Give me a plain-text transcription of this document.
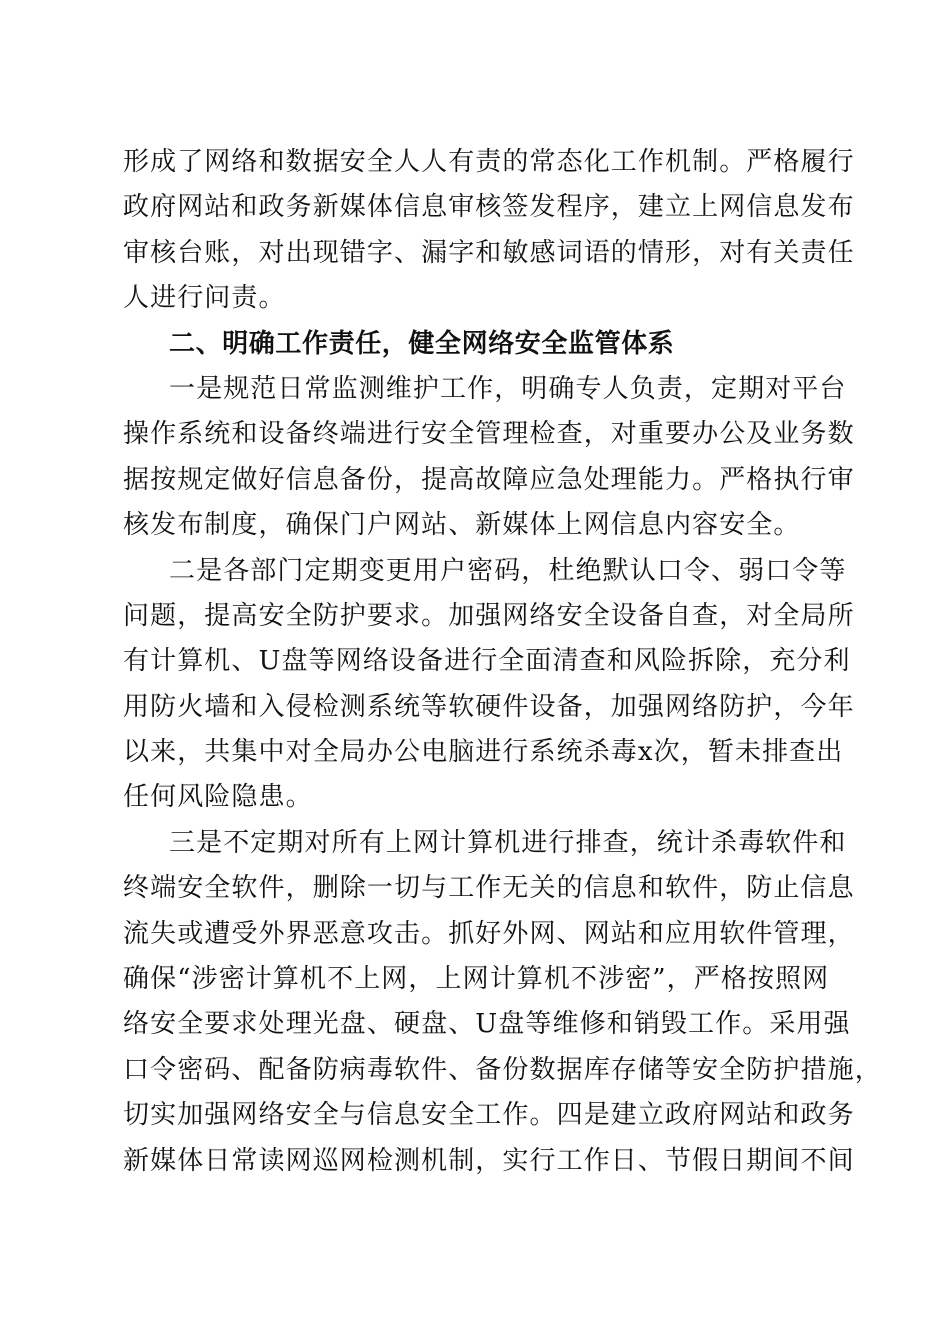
形成了网络和数据安全人人有责的常态化工作机制。严格履行
政府网站和政务新媒体信息审核签发程序，建立上网信息发布
审核台账，对出现错字、漏字和敏感词语的情形，对有关责任
人进行问责。
二、明确工作责任，健全网络安全监管体系
一是规范日常监测维护工作，明确专人负责，定期对平台
操作系统和设备终端进行安全管理检查，对重要办公及业务数
据按规定做好信息备份，提高故障应急处理能力。严格执行审
核发布制度，确保门户网站、新媒体上网信息内容安全。
二是各部门定期变更用户密码，杜绝默认口令、弱口令等
问题，提高安全防护要求。加强网络安全设备自查，对全局所
有计算机、U盘等网络设备进行全面清查和风险拆除，充分利
用防火墙和入侵检测系统等软硬件设备，加强网络防护，今年
以来，共集中对全局办公电脑进行系统杀毒x次，暂未排查出
任何风险隐患。
三是不定期对所有上网计算机进行排查，统计杀毒软件和
终端安全软件，删除一切与工作无关的信息和软件，防止信息
流失或遭受外界恶意攻击。抓好外网、网站和应用软件管理，
确保“涉密计算机不上网，上网计算机不涉密”，严格按照网
络安全要求处理光盘、硬盘、U盘等维修和销毁工作。采用强
口令密码、配备防病毒软件、备份数据库存储等安全防护措施，
切实加强网络安全与信息安全工作。四是建立政府网站和政务
新媒体日常读网巡网检测机制，实行工作日、节假日期间不间
